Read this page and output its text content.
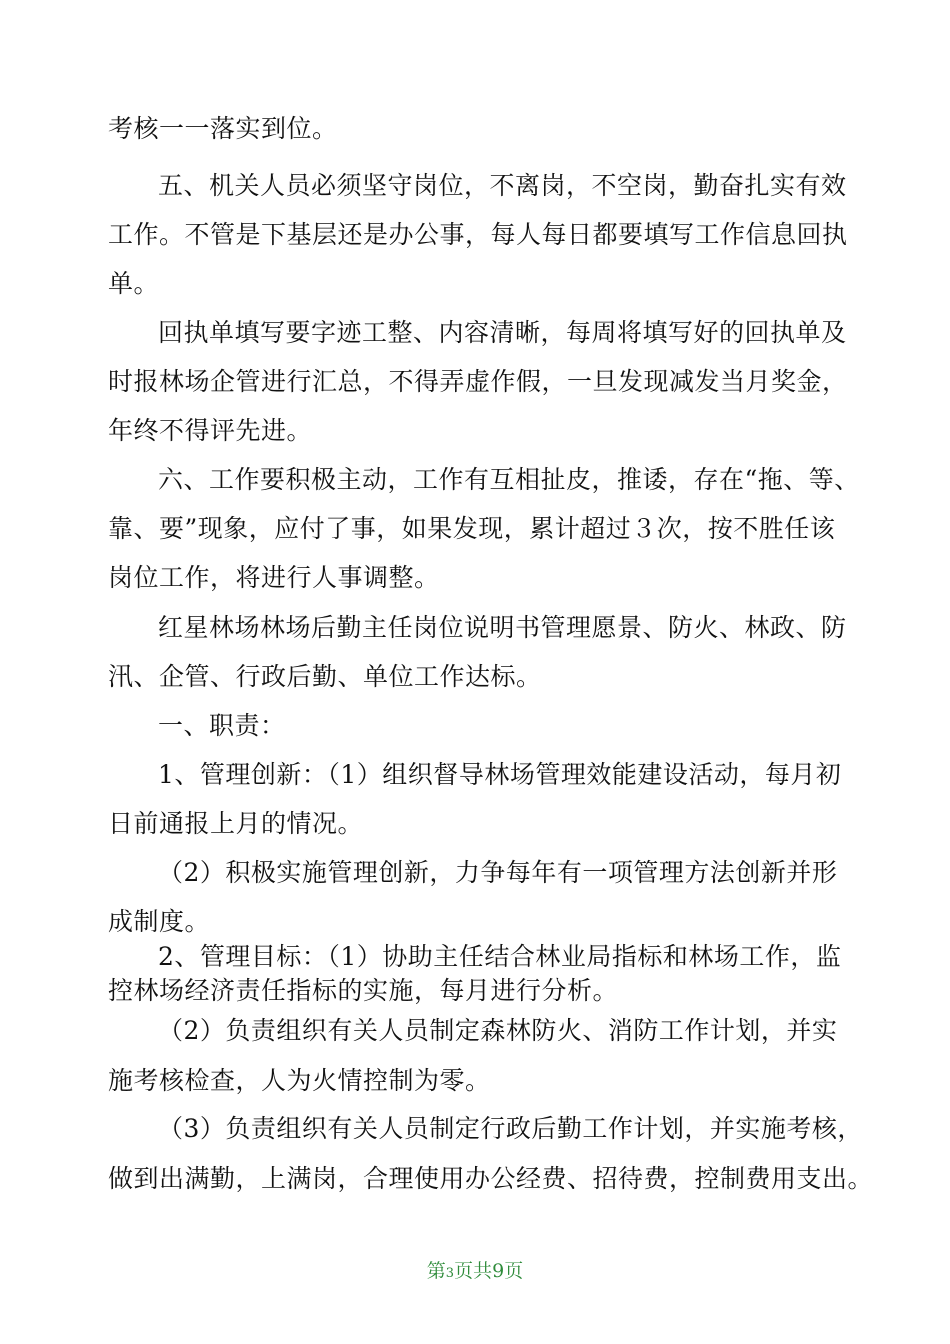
考核一一落实到位。
五、机关人员必须坚守岗位，不离岗，不空岗，勤奋扎实有效
工作。不管是下基层还是办公事，每人每日都要填写工作信息回执
单。
回执单填写要字迹工整、内容清晰，每周将填写好的回执单及
时报林场企管进行汇总，不得弄虚作假，一旦发现减发当月奖金，
年终不得评先进。
六、工作要积极主动，工作有互相扯皮，推诿，存在“拖、等、
靠、要”现象，应付了事，如果发现，累计超过３次，按不胜任该
岗位工作，将进行人事调整。
红星林场林场后勤主任岗位说明书管理愿景、防火、林政、防
汛、企管、行政后勤、单位工作达标。
一、职责：
1、管理创新：（1）组织督导林场管理效能建设活动，每月初
日前通报上月的情况。
（2）积极实施管理创新，力争每年有一项管理方法创新并形
成制度。
2、管理目标：（1）协助主任结合林业局指标和林场工作，监
控林场经济责任指标的实施，每月进行分析。
（2）负责组织有关人员制定森林防火、消防工作计划，并实
施考核检查，人为火情控制为零。
（3）负责组织有关人员制定行政后勤工作计划，并实施考核，
做到出满勤，上满岗，合理使用办公经费、招待费，控制费用支出。
第3页共9页
